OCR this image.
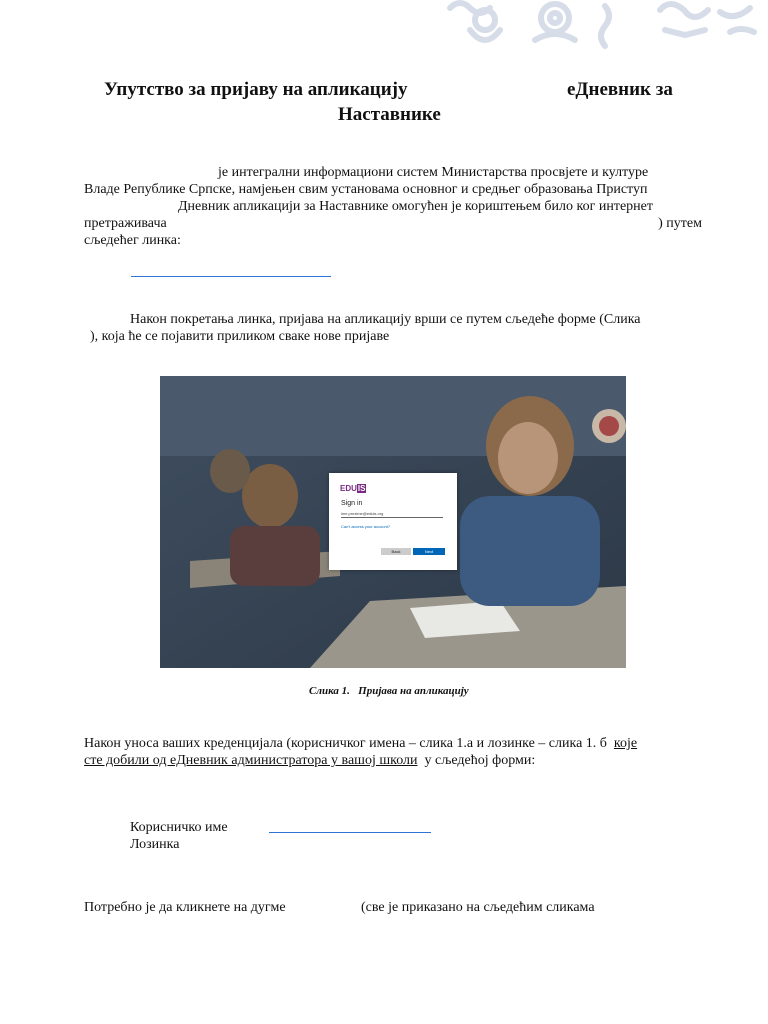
Упутство за пријаву на апликацију	еДневник за
Наставнике
је интегрални информациони систем Министарства просвјете и културе
Владе Републике Српске, намјењен свим установама основног и средњег образовања Приступ
Дневник апликацији за Наставнике омогућен је кориштењем било ког интернет
претраживача	) путем
сљедећег линка:
Након покретања линка, пријава на апликацију врши се путем сљедеће форме (Слика
), која ће се појавити приликом сваке нове пријаве
EDUIS
Sign in
ime.prezime@eduis.org
Can't access your account?
Back	Next
Слика 1. Пријава на апликацију
Након уноса ваших креденцијала (корисничког имена – слика 1.а и лозинке – слика 1. б које
сте добили од еДневник администратора у вашој школи у сљедећој форми:
Корисничко име
Лозинка
Потребно је да кликнете на дугме	(све је приказано на сљедећим сликама
